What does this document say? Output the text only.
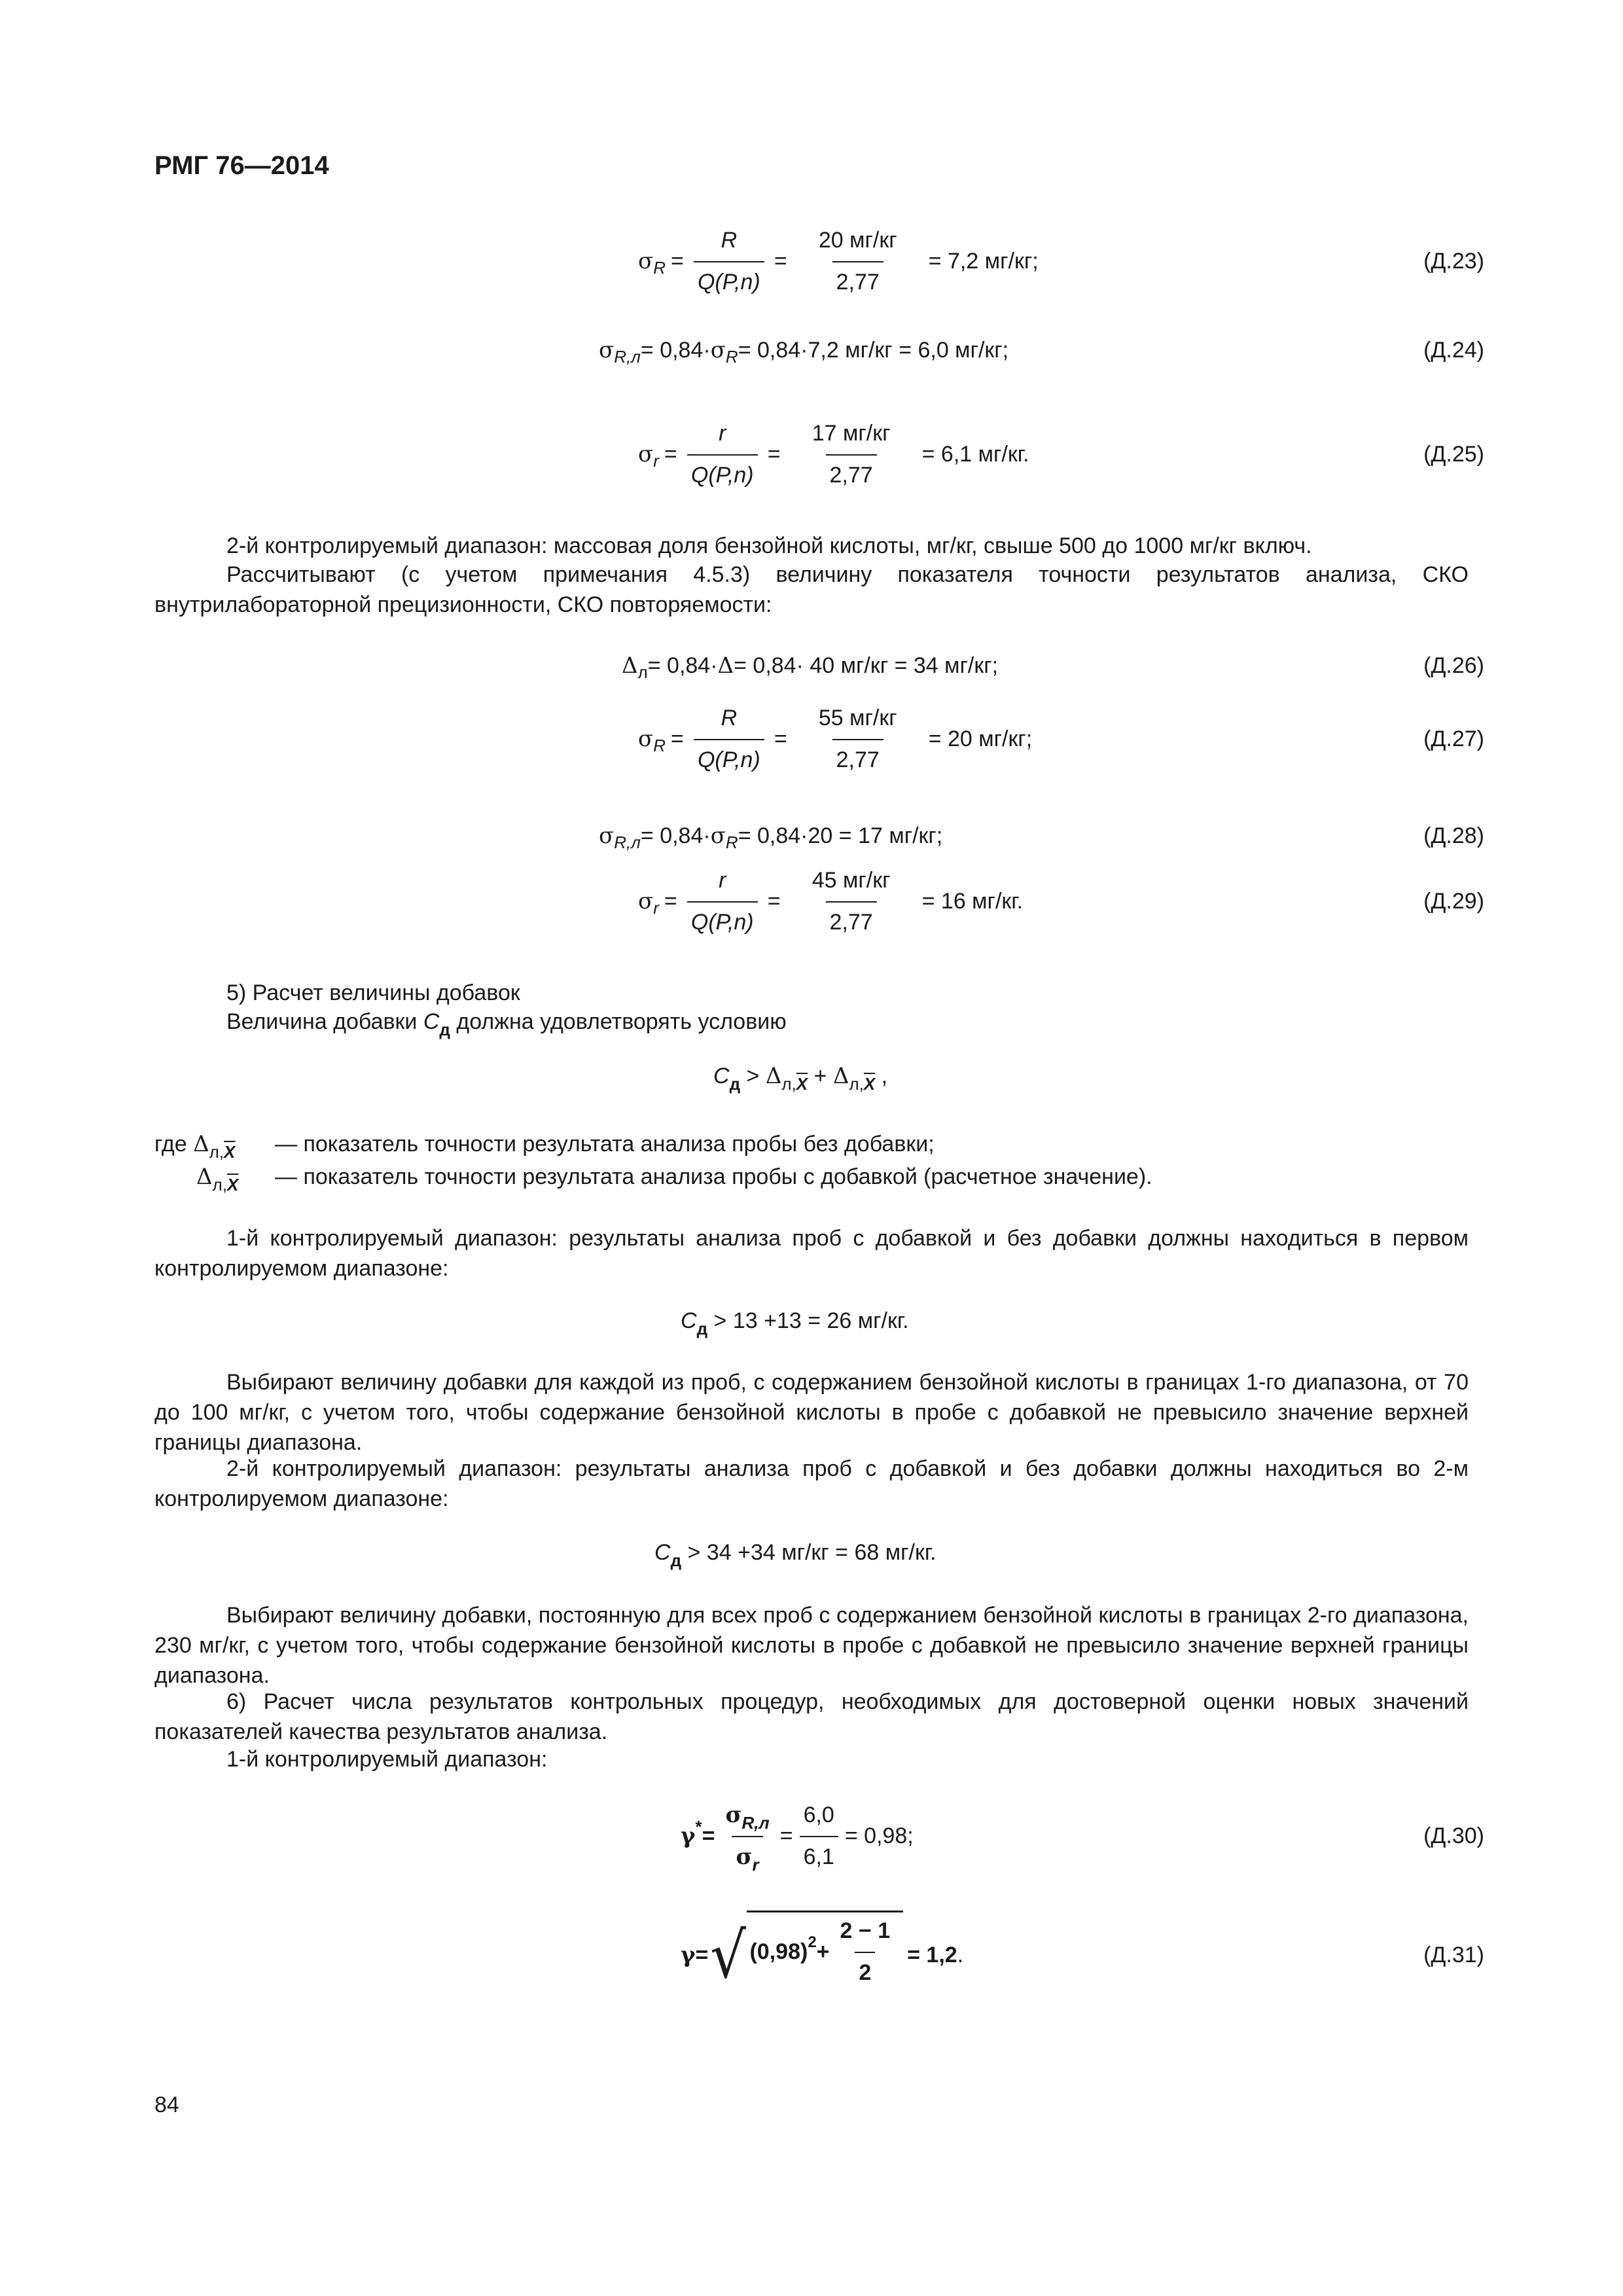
РМГ 76—2014
σ $R = \frac{R}{Q(P,n)} = \frac{20 мг/кг}{2,77} = 7,2$ мг/кг;	(Д.23)
σ R,л = 0,84· σ R = 0,84·7,2 мг/кг = 6,0 мг/кг;	(Д.24)
σ $r = \frac{r}{Q(P,n)} = \frac{17 мг/кг}{2,77} = 6,1$ мг/кг.	(Д.25)
2-й контролируемый диапазон: массовая доля бензойной кислоты, мг/кг, свыше 500 до 1000 мг/кг включ.
Рассчитывают (с учетом примечания 4.5.3) величину показателя точности результатов анализа, СКО внутрилабораторной прецизионности, СКО повторяемости:
Δ л = 0,84· Δ = 0,84· 40 мг/кг = 34 мг/кг;	(Д.26)
σ $R = \frac{R}{Q(P,n)} = \frac{55 мг/кг}{2,77} = 20$ мг/кг;	(Д.27)
σ R,л = 0,84· σ R = 0,84·20 = 17 мг/кг;	(Д.28)
σ $r = \frac{r}{Q(P,n)} = \frac{45 мг/кг}{2,77} = 16$ мг/кг.	(Д.29)
5) Расчет величины добавок
Величина добавки $C_д$ должна удовлетворять условию
$C_д > \Delta_{л,\overline{X}} + \Delta_{л,\overline{X}}$ ,
где $\Delta_{л,\overline{X}}$ — показатель точности результата анализа пробы без добавки;
$\Delta_{л,\overline{X}}$ — показатель точности результата анализа пробы с добавкой (расчетное значение).
1-й контролируемый диапазон: результаты анализа проб с добавкой и без добавки должны находиться в первом контролируемом диапазоне:
$C_д > 13 +13 = 26$ мг/кг.
Выбирают величину добавки для каждой из проб, с содержанием бензойной кислоты в границах 1-го диапазона, от 70 до 100 мг/кг, с учетом того, чтобы содержание бензойной кислоты в пробе с добавкой не превысило значение верхней границы диапазона.
2-й контролируемый диапазон: результаты анализа проб с добавкой и без добавки должны находиться во 2-м контролируемом диапазоне:
$C_д > 34 +34$ мг/кг = 68 мг/кг.
Выбирают величину добавки, постоянную для всех проб с содержанием бензойной кислоты в границах 2-го диапазона, 230 мг/кг, с учетом того, чтобы содержание бензойной кислоты в пробе с добавкой не превысило значение верхней границы диапазона.
6) Расчет числа результатов контрольных процедур, необходимых для достоверной оценки новых значений показателей качества результатов анализа.
1-й контролируемый диапазон:
γ * = $\frac{\sigma_{R,л}}{\sigma_r} = \frac{6,0}{6,1} = 0,98$;	(Д.30)
γ = √ (0,98) $2 + \frac{2 - 1}{2} = 1,2$ .	(Д.31)
84
